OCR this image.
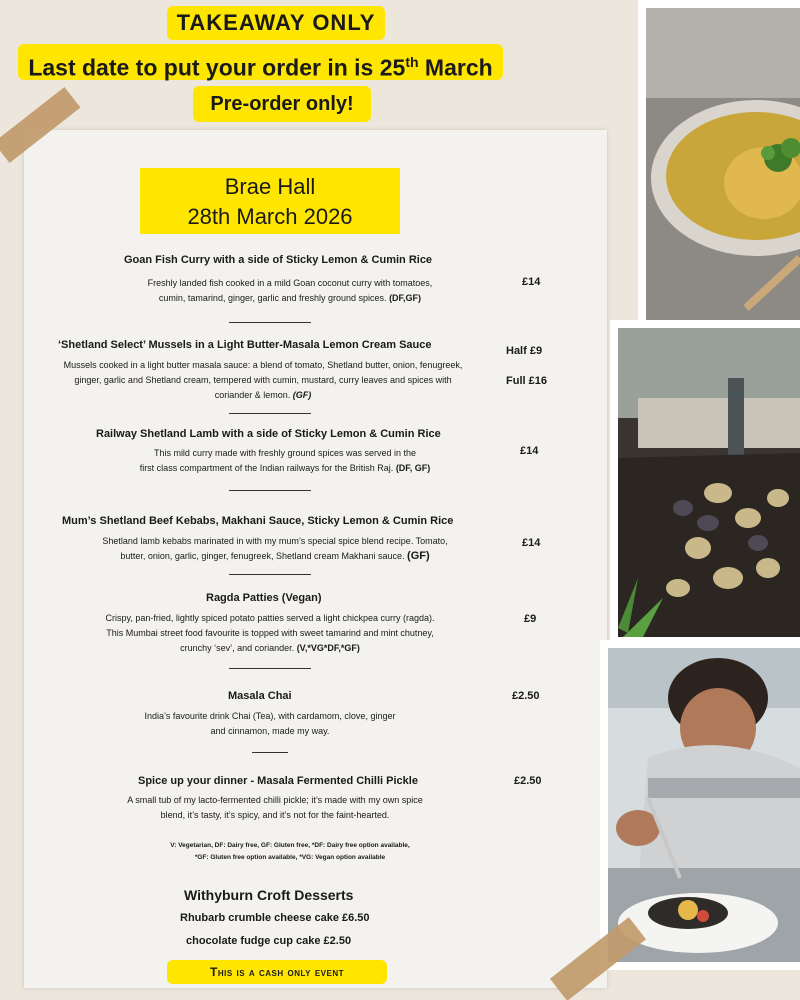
TAKEAWAY ONLY
Last date to put your order in is 25th March
Pre-order only!
Brae Hall
28th March 2026
Goan Fish Curry with a side of Sticky Lemon & Cumin Rice
Freshly landed fish cooked in a mild Goan coconut curry with tomatoes,
cumin, tamarind, ginger, garlic and freshly ground spices. (DF,GF)
£14
‘Shetland Select’ Mussels in a Light Butter-Masala Lemon Cream Sauce
Mussels cooked in a light butter masala sauce: a blend of tomato, Shetland butter, onion, fenugreek,
ginger, garlic and Shetland cream, tempered with cumin, mustard, curry leaves and spices with
coriander & lemon. (GF)
Half £9
Full £16
Railway Shetland Lamb with a side of Sticky Lemon & Cumin Rice
This mild curry made with freshly ground spices was served in the
first class compartment of the Indian railways for the British Raj. (DF, GF)
£14
Mum’s Shetland Beef Kebabs, Makhani Sauce, Sticky Lemon & Cumin Rice
Shetland lamb kebabs marinated in with my mum’s special spice blend recipe. Tomato,
butter, onion, garlic, ginger, fenugreek, Shetland cream Makhani sauce. (GF)
£14
Ragda Patties (Vegan)
Crispy, pan-fried, lightly spiced potato patties served a light chickpea curry (ragda).
This Mumbai street food favourite is topped with sweet tamarind and mint chutney,
crunchy ‘sev’, and coriander. (V,*VG*DF,*GF)
£9
Masala Chai
India’s favourite drink Chai (Tea), with cardamom, clove, ginger
and cinnamon, made my way.
£2.50
Spice up your dinner - Masala Fermented Chilli Pickle
A small tub of my lacto-fermented chilli pickle; it’s made with my own spice
blend, it’s tasty, it’s spicy, and it’s not for the faint-hearted.
£2.50
V: Vegetarian, DF: Dairy free, GF: Gluten free, *DF: Dairy free option available,
*GF: Gluten free option available, *VG: Vegan option available
Withyburn Croft Desserts
Rhubarb crumble cheese cake £6.50
chocolate fudge cup cake £2.50
This is a cash only event
